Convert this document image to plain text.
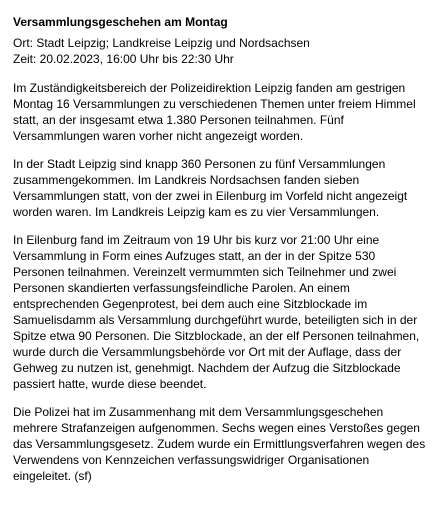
Versammlungsgeschehen am Montag

Ort: Stadt Leipzig; Landkreise Leipzig und Nordsachsen
Zeit: 20.02.2023, 16:00 Uhr bis 22:30 Uhr

Im Zuständigkeitsbereich der Polizeidirektion Leipzig fanden am gestrigen Montag 16 Versammlungen zu verschiedenen Themen unter freiem Himmel statt, an der insgesamt etwa 1.380 Personen teilnahmen. Fünf Versammlungen waren vorher nicht angezeigt worden.

In der Stadt Leipzig sind knapp 360 Personen zu fünf Versammlungen zusammengekommen. Im Landkreis Nordsachsen fanden sieben Versammlungen statt, von der zwei in Eilenburg im Vorfeld nicht angezeigt worden waren. Im Landkreis Leipzig kam es zu vier Versammlungen.

In Eilenburg fand im Zeitraum von 19 Uhr bis kurz vor 21:00 Uhr eine Versammlung in Form eines Aufzuges statt, an der in der Spitze 530 Personen teilnahmen. Vereinzelt vermummten sich Teilnehmer und zwei Personen skandierten verfassungsfeindliche Parolen. An einem entsprechenden Gegenprotest, bei dem auch eine Sitzblockade im Samuelisdamm als Versammlung durchgeführt wurde, beteiligten sich in der Spitze etwa 90 Personen. Die Sitzblockade, an der elf Personen teilnahmen, wurde durch die Versammlungsbehörde vor Ort mit der Auflage, dass der Gehweg zu nutzen ist, genehmigt. Nachdem der Aufzug die Sitzblockade passiert hatte, wurde diese beendet.

Die Polizei hat im Zusammenhang mit dem Versammlungsgeschehen mehrere Strafanzeigen aufgenommen. Sechs wegen eines Verstoßes gegen das Versammlungsgesetz. Zudem wurde ein Ermittlungsverfahren wegen des Verwendens von Kennzeichen verfassungswidriger Organisationen eingeleitet. (sf)
